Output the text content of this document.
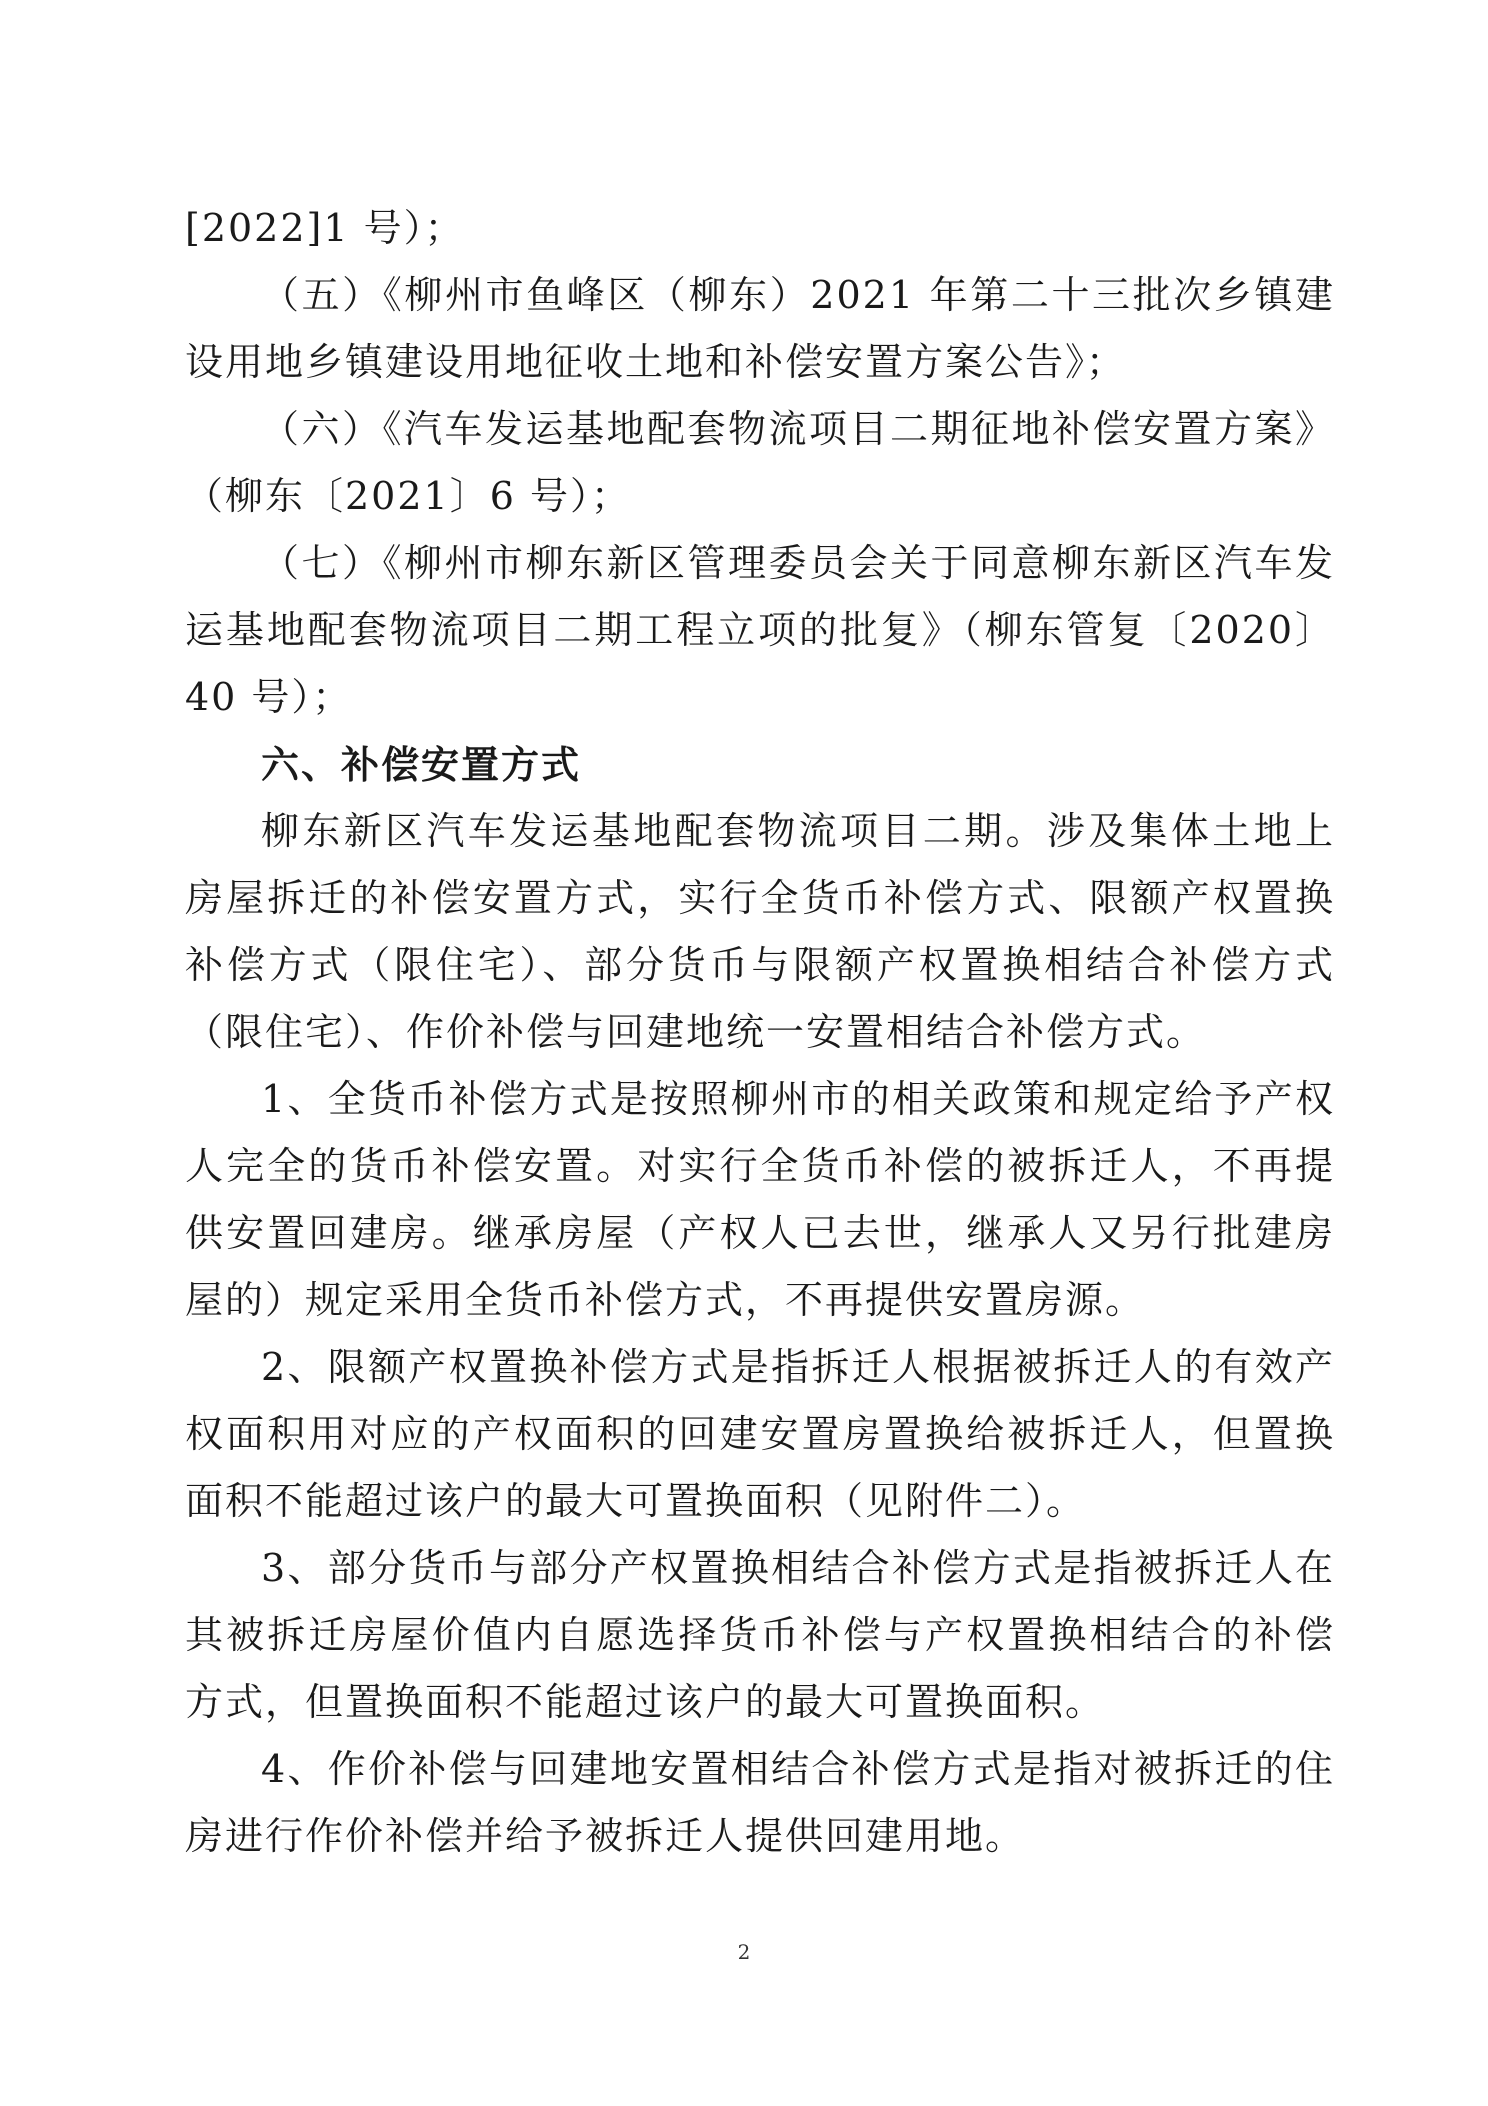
[2022]1 号）；

（五）《柳州市鱼峰区（柳东）2021 年第二十三批次乡镇建设用地乡镇建设用地征收土地和补偿安置方案公告》；

（六）《汽车发运基地配套物流项目二期征地补偿安置方案》（柳东〔2021〕6 号）；

（七）《柳州市柳东新区管理委员会关于同意柳东新区汽车发运基地配套物流项目二期工程立项的批复》（柳东管复〔2020〕40 号）；

六、补偿安置方式

柳东新区汽车发运基地配套物流项目二期。涉及集体土地上房屋拆迁的补偿安置方式，实行全货币补偿方式、限额产权置换补偿方式（限住宅）、部分货币与限额产权置换相结合补偿方式（限住宅）、作价补偿与回建地统一安置相结合补偿方式。

1、全货币补偿方式是按照柳州市的相关政策和规定给予产权人完全的货币补偿安置。对实行全货币补偿的被拆迁人，不再提供安置回建房。继承房屋（产权人已去世，继承人又另行批建房屋的）规定采用全货币补偿方式，不再提供安置房源。

2、限额产权置换补偿方式是指拆迁人根据被拆迁人的有效产权面积用对应的产权面积的回建安置房置换给被拆迁人，但置换面积不能超过该户的最大可置换面积（见附件二）。

3、部分货币与部分产权置换相结合补偿方式是指被拆迁人在其被拆迁房屋价值内自愿选择货币补偿与产权置换相结合的补偿方式，但置换面积不能超过该户的最大可置换面积。

4、作价补偿与回建地安置相结合补偿方式是指对被拆迁的住房进行作价补偿并给予被拆迁人提供回建用地。

2
